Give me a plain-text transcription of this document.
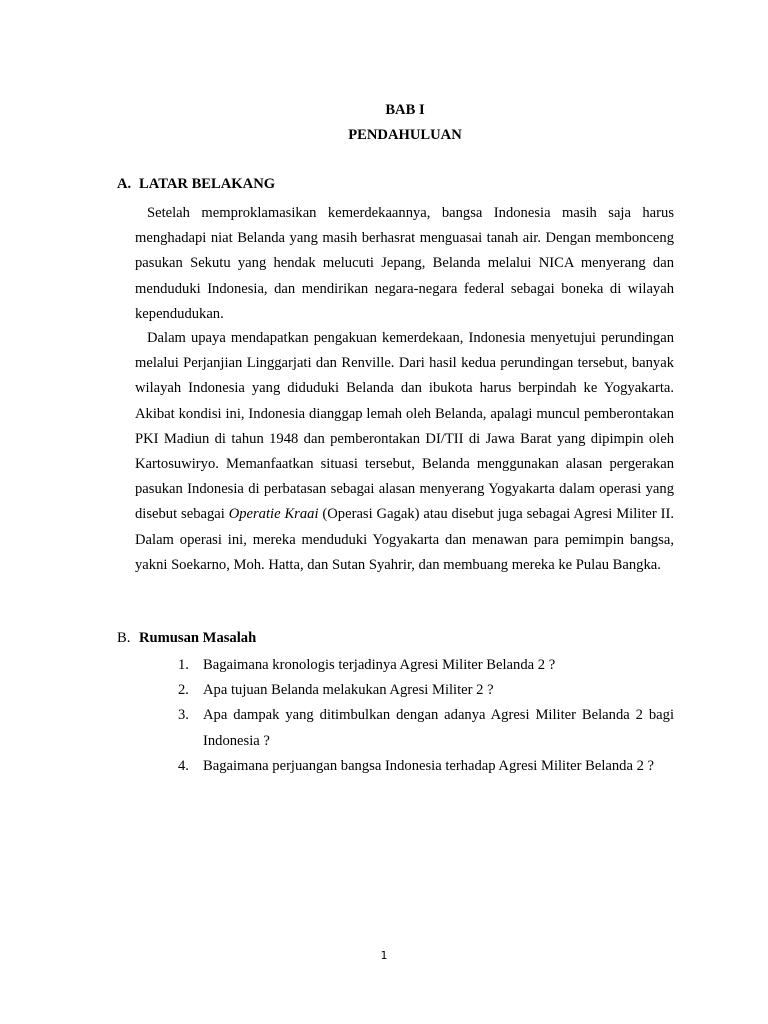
BAB I
PENDAHULUAN
A. LATAR BELAKANG

Setelah memproklamasikan kemerdekaannya, bangsa Indonesia masih saja harus menghadapi niat Belanda yang masih berhasrat menguasai tanah air. Dengan membonceng pasukan Sekutu yang hendak melucuti Jepang, Belanda melalui NICA menyerang dan menduduki Indonesia, dan mendirikan negara-negara federal sebagai boneka di wilayah kependudukan.

Dalam upaya mendapatkan pengakuan kemerdekaan, Indonesia menyetujui perundingan melalui Perjanjian Linggarjati dan Renville. Dari hasil kedua perundingan tersebut, banyak wilayah Indonesia yang diduduki Belanda dan ibukota harus berpindah ke Yogyakarta. Akibat kondisi ini, Indonesia dianggap lemah oleh Belanda, apalagi muncul pemberontakan PKI Madiun di tahun 1948 dan pemberontakan DI/TII di Jawa Barat yang dipimpin oleh Kartosuwiryo. Memanfaatkan situasi tersebut, Belanda menggunakan alasan pergerakan pasukan Indonesia di perbatasan sebagai alasan menyerang Yogyakarta dalam operasi yang disebut sebagai Operatie Kraai (Operasi Gagak) atau disebut juga sebagai Agresi Militer II. Dalam operasi ini, mereka menduduki Yogyakarta dan menawan para pemimpin bangsa, yakni Soekarno, Moh. Hatta, dan Sutan Syahrir, dan membuang mereka ke Pulau Bangka.

B. Rumusan Masalah
1. Bagaimana kronologis terjadinya Agresi Militer Belanda 2 ?
2. Apa tujuan Belanda melakukan Agresi Militer 2 ?
3. Apa dampak yang ditimbulkan dengan adanya Agresi Militer Belanda 2 bagi Indonesia ?
4. Bagaimana perjuangan bangsa Indonesia terhadap Agresi Militer Belanda 2 ?
1
